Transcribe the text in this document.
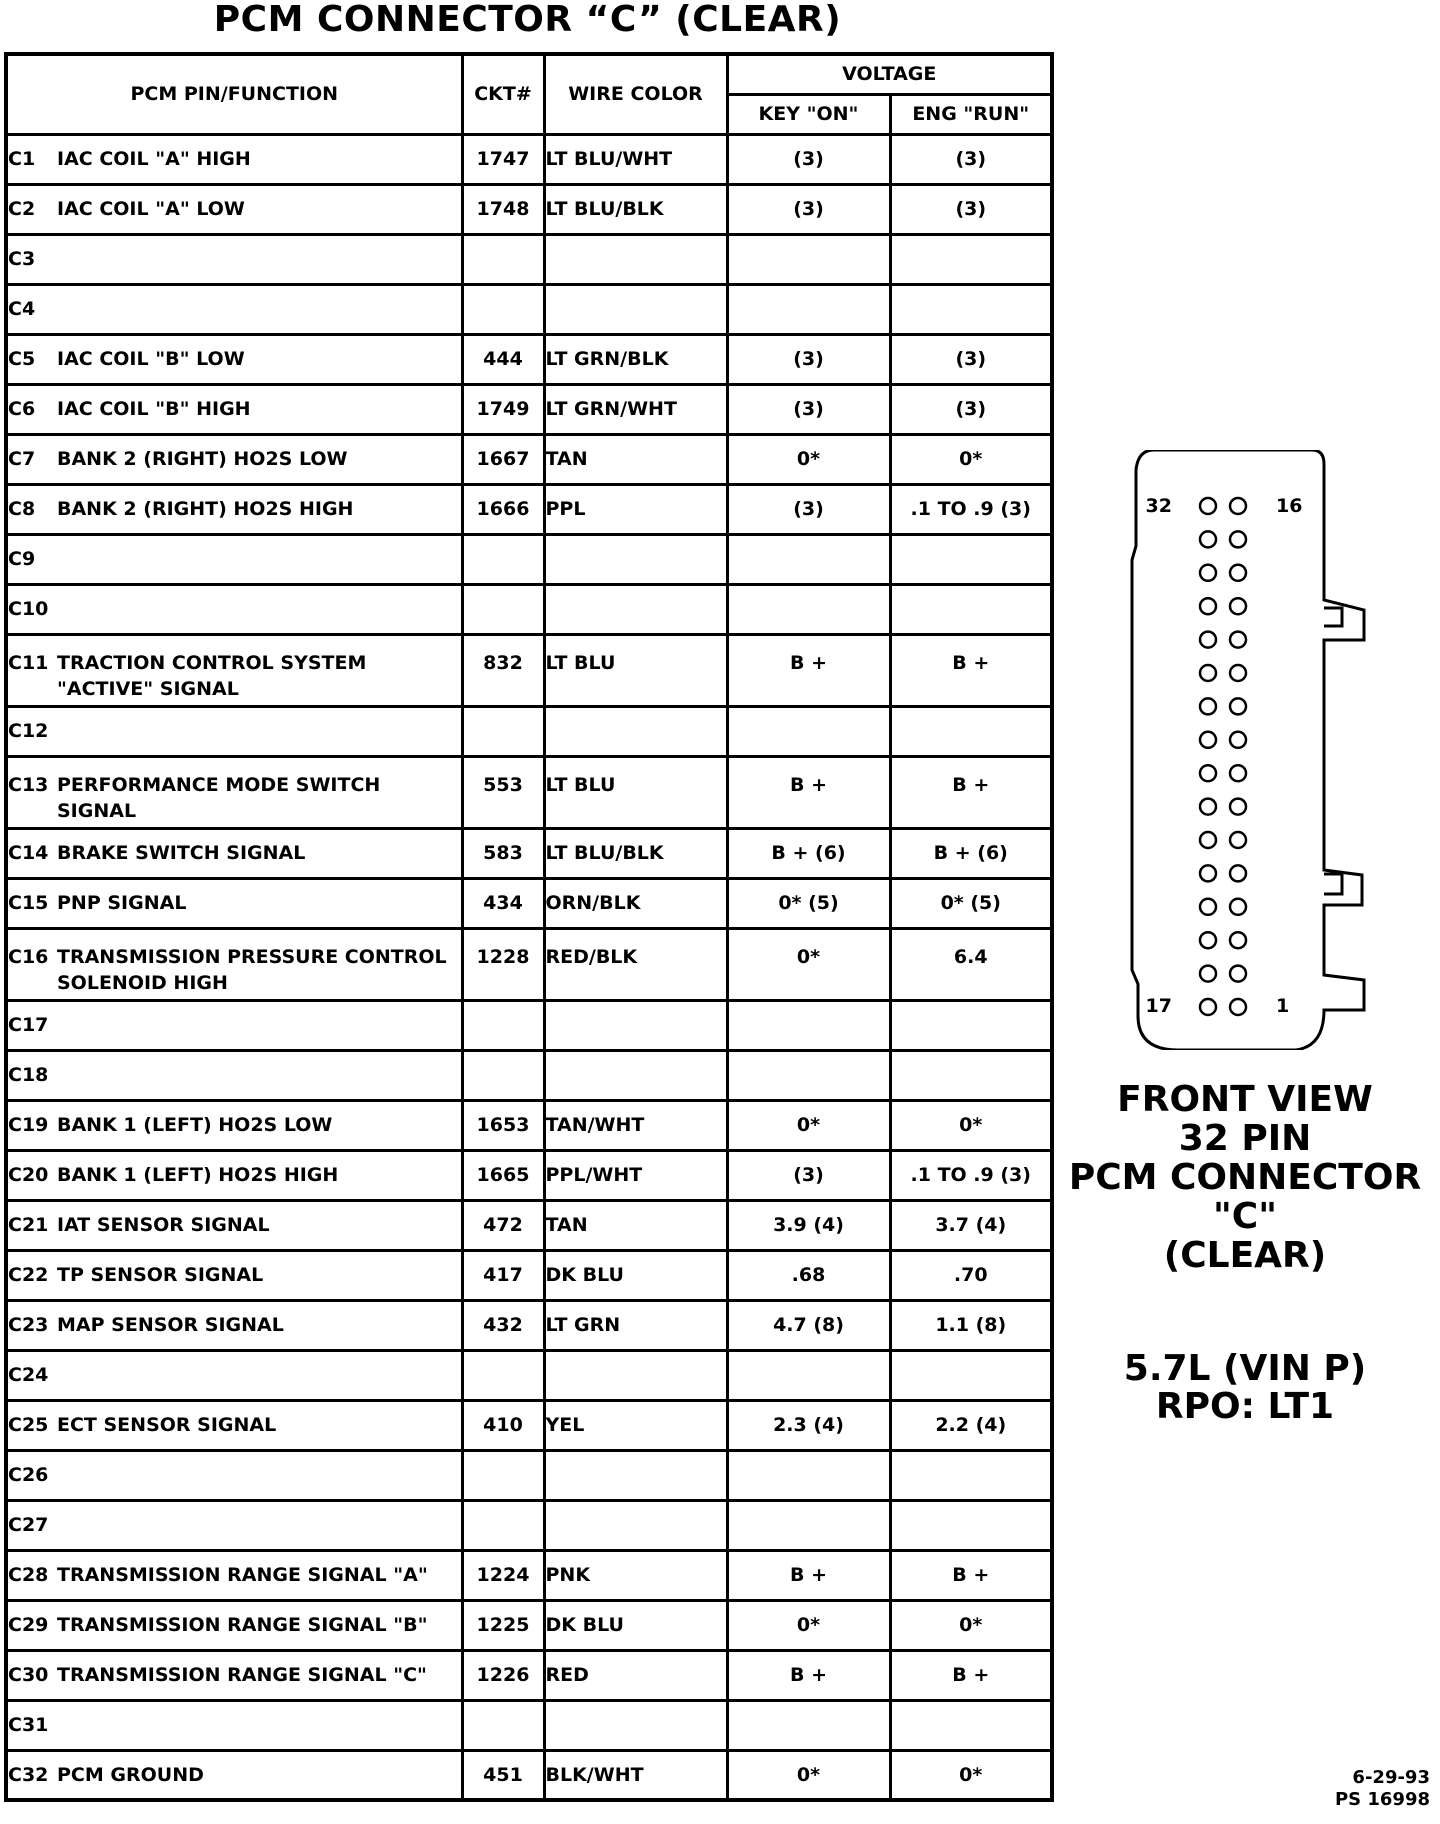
PCM CONNECTOR “C” (CLEAR)
PCM PIN/FUNCTION	CKT#	WIRE COLOR	VOLTAGE	
			KEY "ON"	ENG "RUN"
C1 IAC COIL "A" HIGH	1747	LT BLU/WHT	(3)	(3)
C2 IAC COIL "A" LOW	1748	LT BLU/BLK	(3)	(3)
C3

C4

C5 IAC COIL "B" LOW	444	LT GRN/BLK	(3)	(3)
C6 IAC COIL "B" HIGH	1749	LT GRN/WHT	(3)	(3)
C7 BANK 2 (RIGHT) HO2S LOW	1667	TAN	0*	0*
C8 BANK 2 (RIGHT) HO2S HIGH	1666	PPL	(3)	.1 TO .9 (3)
C9

C10

C11 TRACTION CONTROL SYSTEM
"ACTIVE" SIGNAL	832	LT BLU	B +	B +
C12

C13 PERFORMANCE MODE SWITCH
SIGNAL	553	LT BLU	B +	B +
C14 BRAKE SWITCH SIGNAL	583	LT BLU/BLK	B + (6)	B + (6)
C15 PNP SIGNAL	434	ORN/BLK	0* (5)	0* (5)
C16 TRANSMISSION PRESSURE CONTROL
SOLENOID HIGH	1228	RED/BLK	0*	6.4
C17

C18

C19 BANK 1 (LEFT) HO2S LOW	1653	TAN/WHT	0*	0*
C20 BANK 1 (LEFT) HO2S HIGH	1665	PPL/WHT	(3)	.1 TO .9 (3)
C21 IAT SENSOR SIGNAL	472	TAN	3.9 (4)	3.7 (4)
C22 TP SENSOR SIGNAL	417	DK BLU	.68	.70
C23 MAP SENSOR SIGNAL	432	LT GRN	4.7 (8)	1.1 (8)
C24

C25 ECT SENSOR SIGNAL	410	YEL	2.3 (4)	2.2 (4)
C26

C27

C28 TRANSMISSION RANGE SIGNAL "A"	1224	PNK	B +	B +
C29 TRANSMISSION RANGE SIGNAL "B"	1225	DK BLU	0*	0*
C30 TRANSMISSION RANGE SIGNAL "C"	1226	RED	B +	B +
C31

C32 PCM GROUND	451	BLK/WHT	0*	0*
32	16
17	1
FRONT VIEW
32 PIN
PCM CONNECTOR
"C"
(CLEAR)
5.7L (VIN P)
RPO: LT1
6-29-93
PS 16998
